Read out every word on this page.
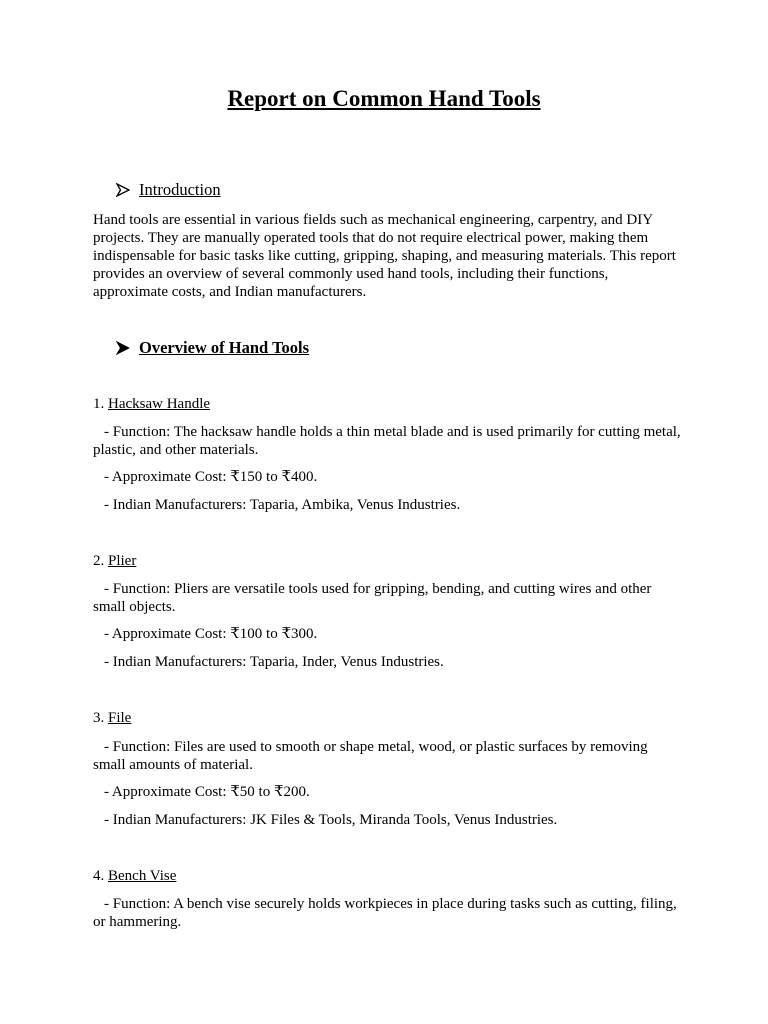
Report on Common Hand Tools
Introduction

Hand tools are essential in various fields such as mechanical engineering, carpentry, and DIY projects. They are manually operated tools that do not require electrical power, making them indispensable for basic tasks like cutting, gripping, shaping, and measuring materials. This report provides an overview of several commonly used hand tools, including their functions, approximate costs, and Indian manufacturers.

Overview of Hand Tools
1. Hacksaw Handle

- Function: The hacksaw handle holds a thin metal blade and is used primarily for cutting metal, plastic, and other materials.

- Approximate Cost: ₹150 to ₹400.
- Indian Manufacturers: Taparia, Ambika, Venus Industries.
2. Plier

- Function: Pliers are versatile tools used for gripping, bending, and cutting wires and other small objects.

- Approximate Cost: ₹100 to ₹300.
- Indian Manufacturers: Taparia, Inder, Venus Industries.
3. File

- Function: Files are used to smooth or shape metal, wood, or plastic surfaces by removing small amounts of material.

- Approximate Cost: ₹50 to ₹200.
- Indian Manufacturers: JK Files & Tools, Miranda Tools, Venus Industries.
4. Bench Vise

- Function: A bench vise securely holds workpieces in place during tasks such as cutting, filing, or hammering.
